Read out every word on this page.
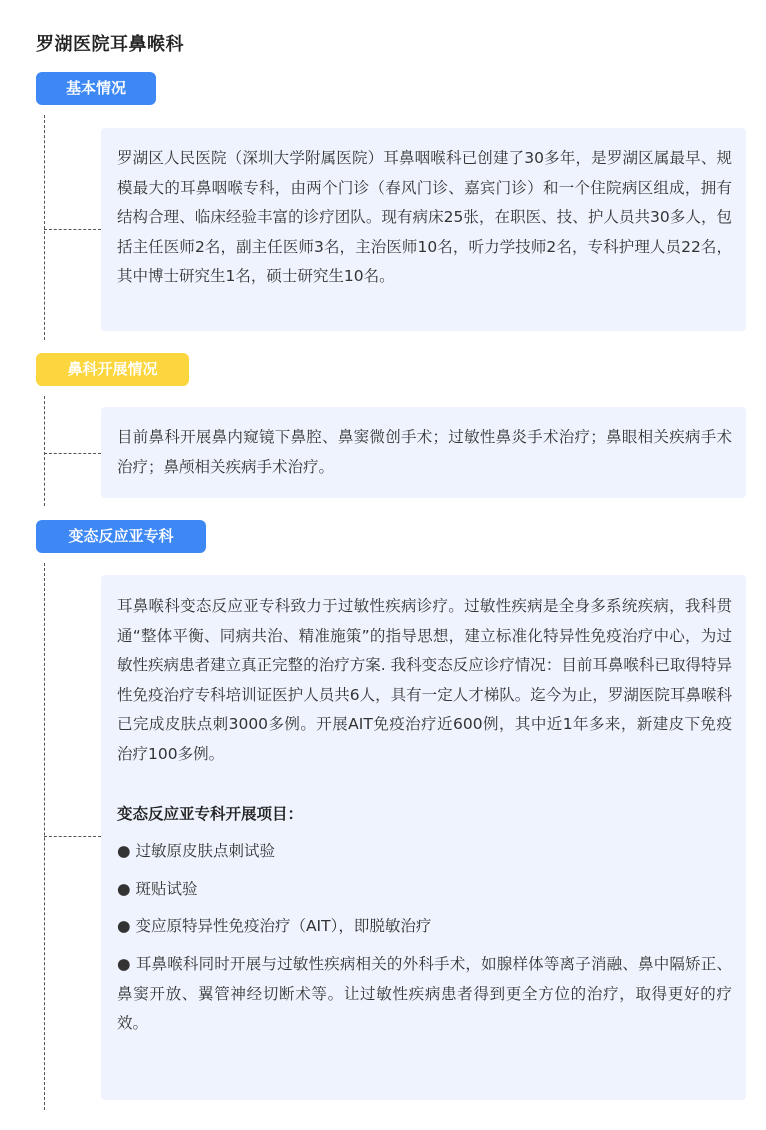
罗湖医院耳鼻喉科
基本情况

罗湖区人民医院（深圳大学附属医院）耳鼻咽喉科已创建了30多年，是罗湖区属最早、规模最大的耳鼻咽喉专科，由两个门诊（春风门诊、嘉宾门诊）和一个住院病区组成，拥有结构合理、临床经验丰富的诊疗团队。现有病床25张，在职医、技、护人员共30多人，包括主任医师2名，副主任医师3名，主治医师10名，听力学技师2名，专科护理人员22名，其中博士研究生1名，硕士研究生10名。

鼻科开展情况

目前鼻科开展鼻内窥镜下鼻腔、鼻窦微创手术；过敏性鼻炎手术治疗；鼻眼相关疾病手术治疗；鼻颅相关疾病手术治疗。

变态反应亚专科

耳鼻喉科变态反应亚专科致力于过敏性疾病诊疗。过敏性疾病是全身多系统疾病，我科贯通“整体平衡、同病共治、精准施策”的指导思想，建立标准化特异性免疫治疗中心，为过敏性疾病患者建立真正完整的治疗方案. 我科变态反应诊疗情况：目前耳鼻喉科已取得特异性免疫治疗专科培训证医护人员共6人，具有一定人才梯队。迄今为止，罗湖医院耳鼻喉科已完成皮肤点刺3000多例。开展AIT免疫治疗近600例，其中近1年多来，新建皮下免疫治疗100多例。

变态反应亚专科开展项目：

● 过敏原皮肤点刺试验

● 斑贴试验

● 变应原特异性免疫治疗（AIT），即脱敏治疗

● 耳鼻喉科同时开展与过敏性疾病相关的外科手术，如腺样体等离子消融、鼻中隔矫正、鼻窦开放、翼管神经切断术等。让过敏性疾病患者得到更全方位的治疗，取得更好的疗效。
